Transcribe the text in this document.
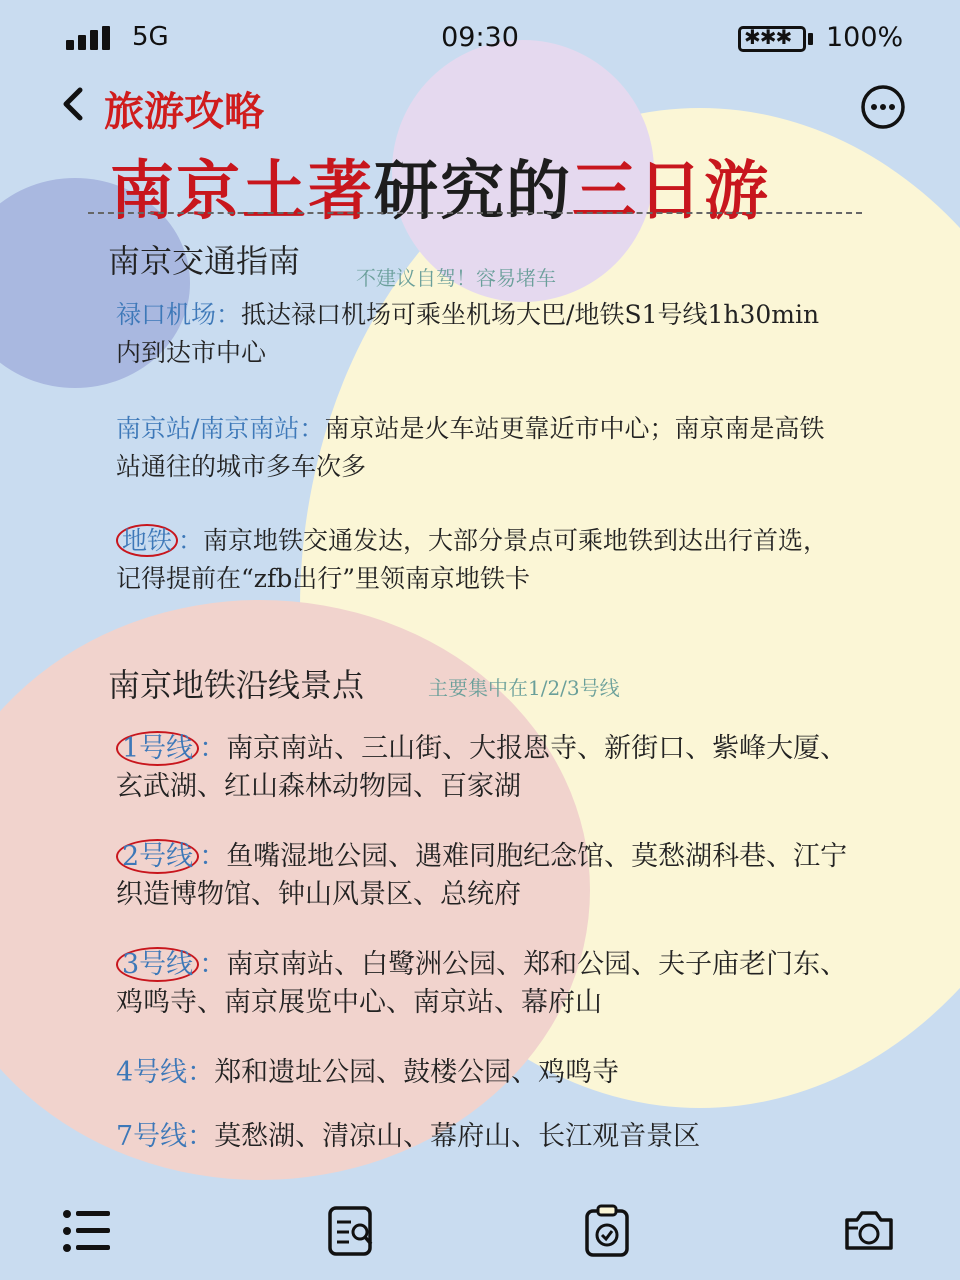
5G	09:30	✱✱✱ 100%
旅游攻略
南京土著研究的三日游
南京交通指南	不建议自驾！容易堵车
禄口机场：抵达禄口机场可乘坐机场大巴/地铁S1号线1h30min内到达市中心
南京站/南京南站：南京站是火车站更靠近市中心；南京南是高铁站通往的城市多车次多
地铁 ：南京地铁交通发达，大部分景点可乘地铁到达出行首选，记得提前在“zfb出行”里领南京地铁卡
南京地铁沿线景点	主要集中在1/2/3号线
1号线 ：南京南站、三山街、大报恩寺、新街口、紫峰大厦、玄武湖、红山森林动物园、百家湖
2号线 ：鱼嘴湿地公园、遇难同胞纪念馆、莫愁湖科巷、江宁织造博物馆、钟山风景区、总统府
3号线 ：南京南站、白鹭洲公园、郑和公园、夫子庙老门东、鸡鸣寺、南京展览中心、南京站、幕府山
4号线：郑和遗址公园、鼓楼公园、鸡鸣寺
7号线：莫愁湖、清凉山、幕府山、长江观音景区
